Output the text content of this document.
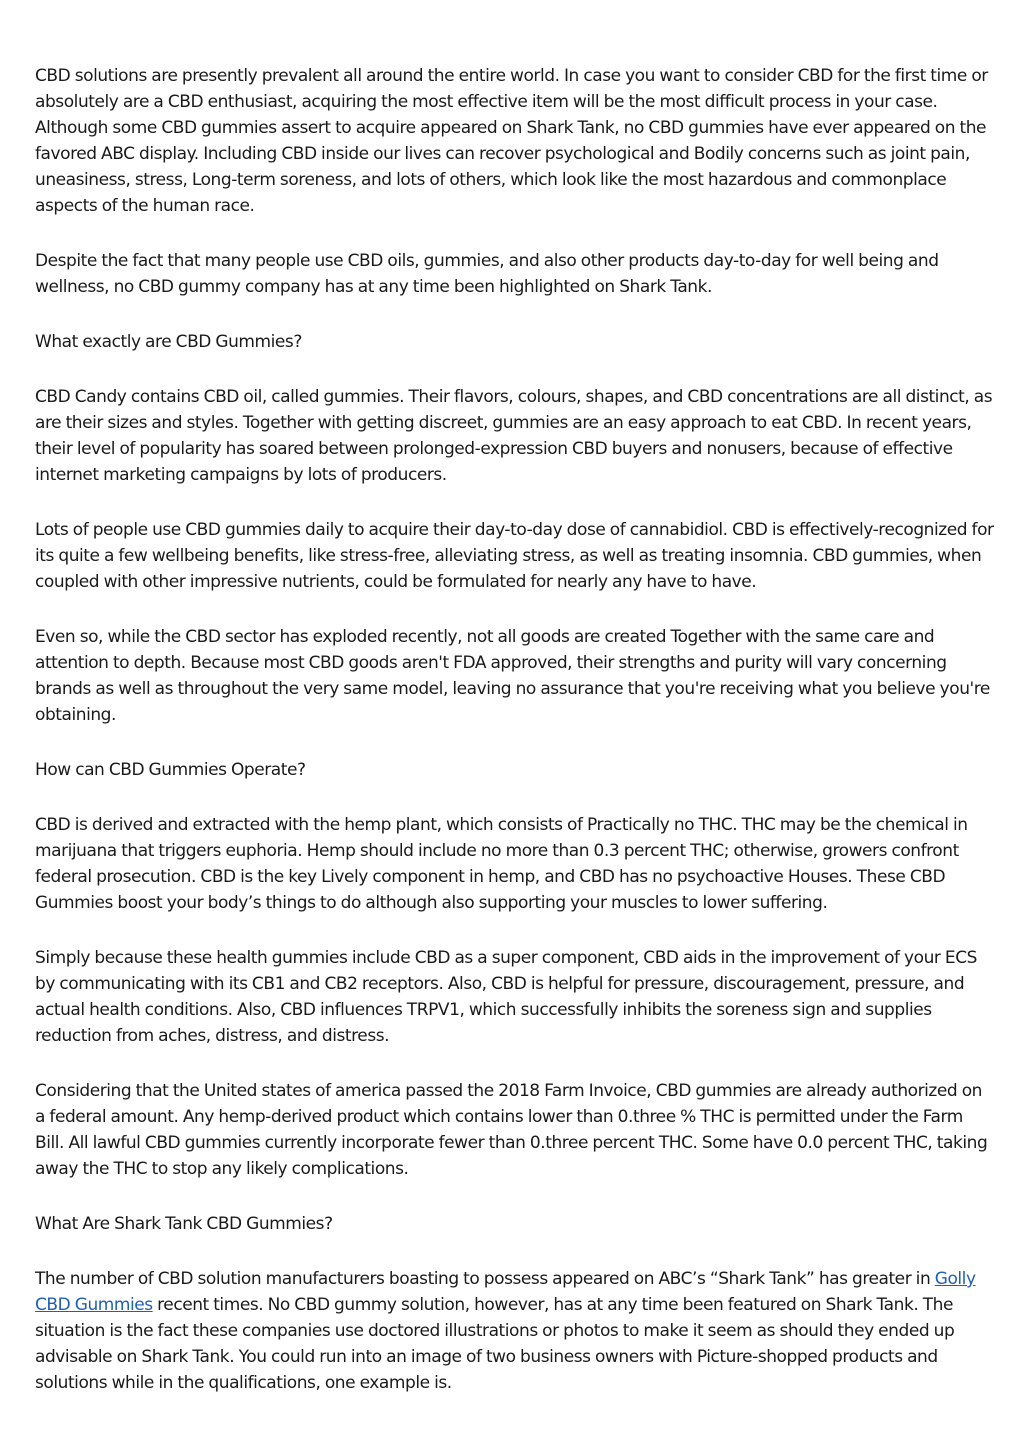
CBD solutions are presently prevalent all around the entire world. In case you want to consider CBD for the first time or absolutely are a CBD enthusiast, acquiring the most effective item will be the most difficult process in your case. Although some CBD gummies assert to acquire appeared on Shark Tank, no CBD gummies have ever appeared on the favored ABC display. Including CBD inside our lives can recover psychological and Bodily concerns such as joint pain, uneasiness, stress, Long-term soreness, and lots of others, which look like the most hazardous and commonplace aspects of the human race.

Despite the fact that many people use CBD oils, gummies, and also other products day-to-day for well being and wellness, no CBD gummy company has at any time been highlighted on Shark Tank.

What exactly are CBD Gummies?

CBD Candy contains CBD oil, called gummies. Their flavors, colours, shapes, and CBD concentrations are all distinct, as are their sizes and styles. Together with getting discreet, gummies are an easy approach to eat CBD. In recent years, their level of popularity has soared between prolonged-expression CBD buyers and nonusers, because of effective internet marketing campaigns by lots of producers.

Lots of people use CBD gummies daily to acquire their day-to-day dose of cannabidiol. CBD is effectively-recognized for its quite a few wellbeing benefits, like stress-free, alleviating stress, as well as treating insomnia. CBD gummies, when coupled with other impressive nutrients, could be formulated for nearly any have to have.

Even so, while the CBD sector has exploded recently, not all goods are created Together with the same care and attention to depth. Because most CBD goods aren't FDA approved, their strengths and purity will vary concerning brands as well as throughout the very same model, leaving no assurance that you're receiving what you believe you're obtaining.

How can CBD Gummies Operate?

CBD is derived and extracted with the hemp plant, which consists of Practically no THC. THC may be the chemical in marijuana that triggers euphoria. Hemp should include no more than 0.3 percent THC; otherwise, growers confront federal prosecution. CBD is the key Lively component in hemp, and CBD has no psychoactive Houses. These CBD Gummies boost your body’s things to do although also supporting your muscles to lower suffering.

Simply because these health gummies include CBD as a super component, CBD aids in the improvement of your ECS by communicating with its CB1 and CB2 receptors. Also, CBD is helpful for pressure, discouragement, pressure, and actual health conditions. Also, CBD influences TRPV1, which successfully inhibits the soreness sign and supplies reduction from aches, distress, and distress.

Considering that the United states of america passed the 2018 Farm Invoice, CBD gummies are already authorized on a federal amount. Any hemp-derived product which contains lower than 0.three % THC is permitted under the Farm Bill. All lawful CBD gummies currently incorporate fewer than 0.three percent THC. Some have 0.0 percent THC, taking away the THC to stop any likely complications.

What Are Shark Tank CBD Gummies?

The number of CBD solution manufacturers boasting to possess appeared on ABC’s “Shark Tank” has greater in Golly CBD Gummies recent times. No CBD gummy solution, however, has at any time been featured on Shark Tank. The situation is the fact these companies use doctored illustrations or photos to make it seem as should they ended up advisable on Shark Tank. You could run into an image of two business owners with Picture-shopped products and solutions while in the qualifications, one example is.
